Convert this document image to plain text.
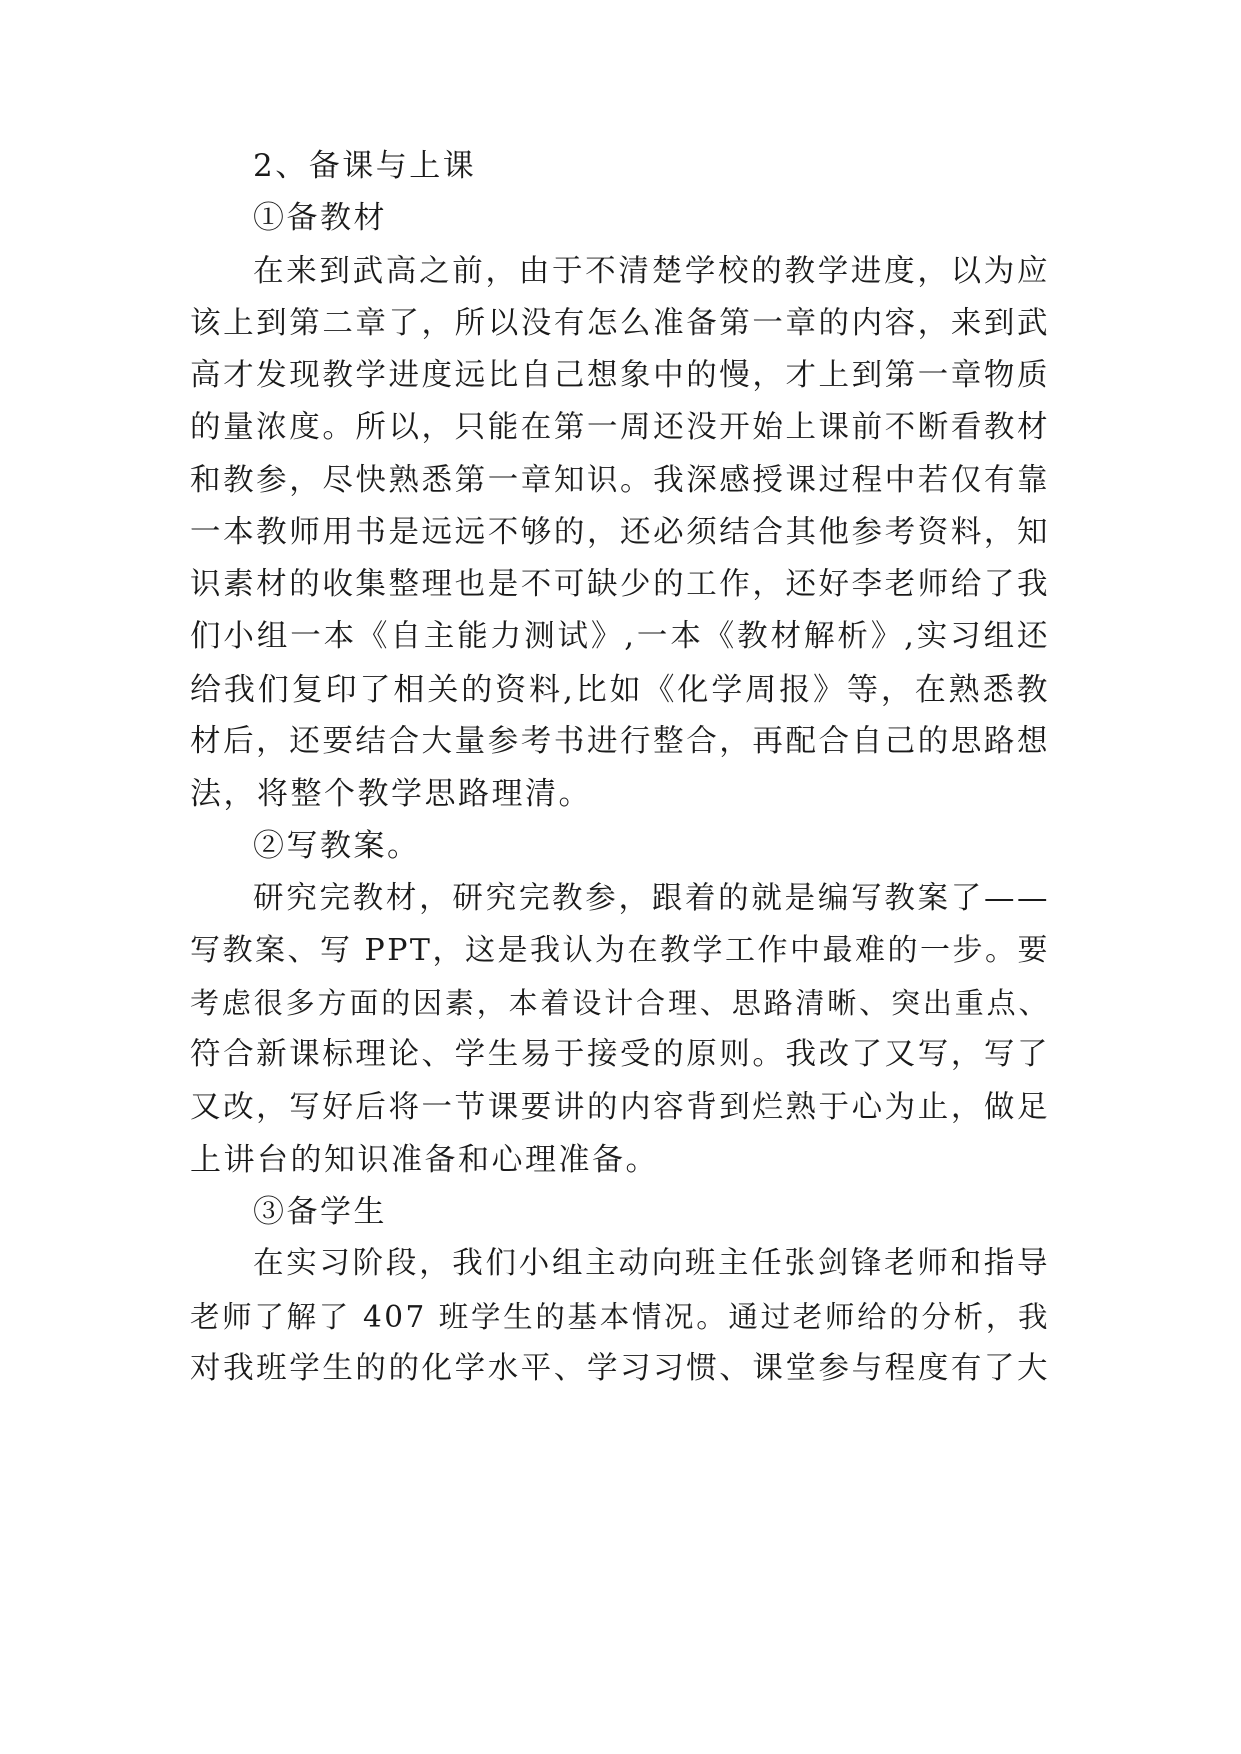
2、备课与上课
①备教材
在来到武高之前，由于不清楚学校的教学进度，以为应
该上到第二章了，所以没有怎么准备第一章的内容，来到武
高才发现教学进度远比自己想象中的慢，才上到第一章物质
的量浓度。所以，只能在第一周还没开始上课前不断看教材
和教参，尽快熟悉第一章知识。我深感授课过程中若仅有靠
一本教师用书是远远不够的，还必须结合其他参考资料，知
识素材的收集整理也是不可缺少的工作，还好李老师给了我
们小组一本《自主能力测试》,一本《教材解析》,实习组还
给我们复印了相关的资料,比如《化学周报》等，在熟悉教
材后，还要结合大量参考书进行整合，再配合自己的思路想
法，将整个教学思路理清。
②写教案。
研究完教材，研究完教参，跟着的就是编写教案了——
写教案、写 PPT，这是我认为在教学工作中最难的一步。要
考虑很多方面的因素，本着设计合理、思路清晰、突出重点、
符合新课标理论、学生易于接受的原则。我改了又写，写了
又改，写好后将一节课要讲的内容背到烂熟于心为止，做足
上讲台的知识准备和心理准备。
③备学生
在实习阶段，我们小组主动向班主任张剑锋老师和指导
老师了解了 407 班学生的基本情况。通过老师给的分析，我
对我班学生的的化学水平、学习习惯、课堂参与程度有了大
